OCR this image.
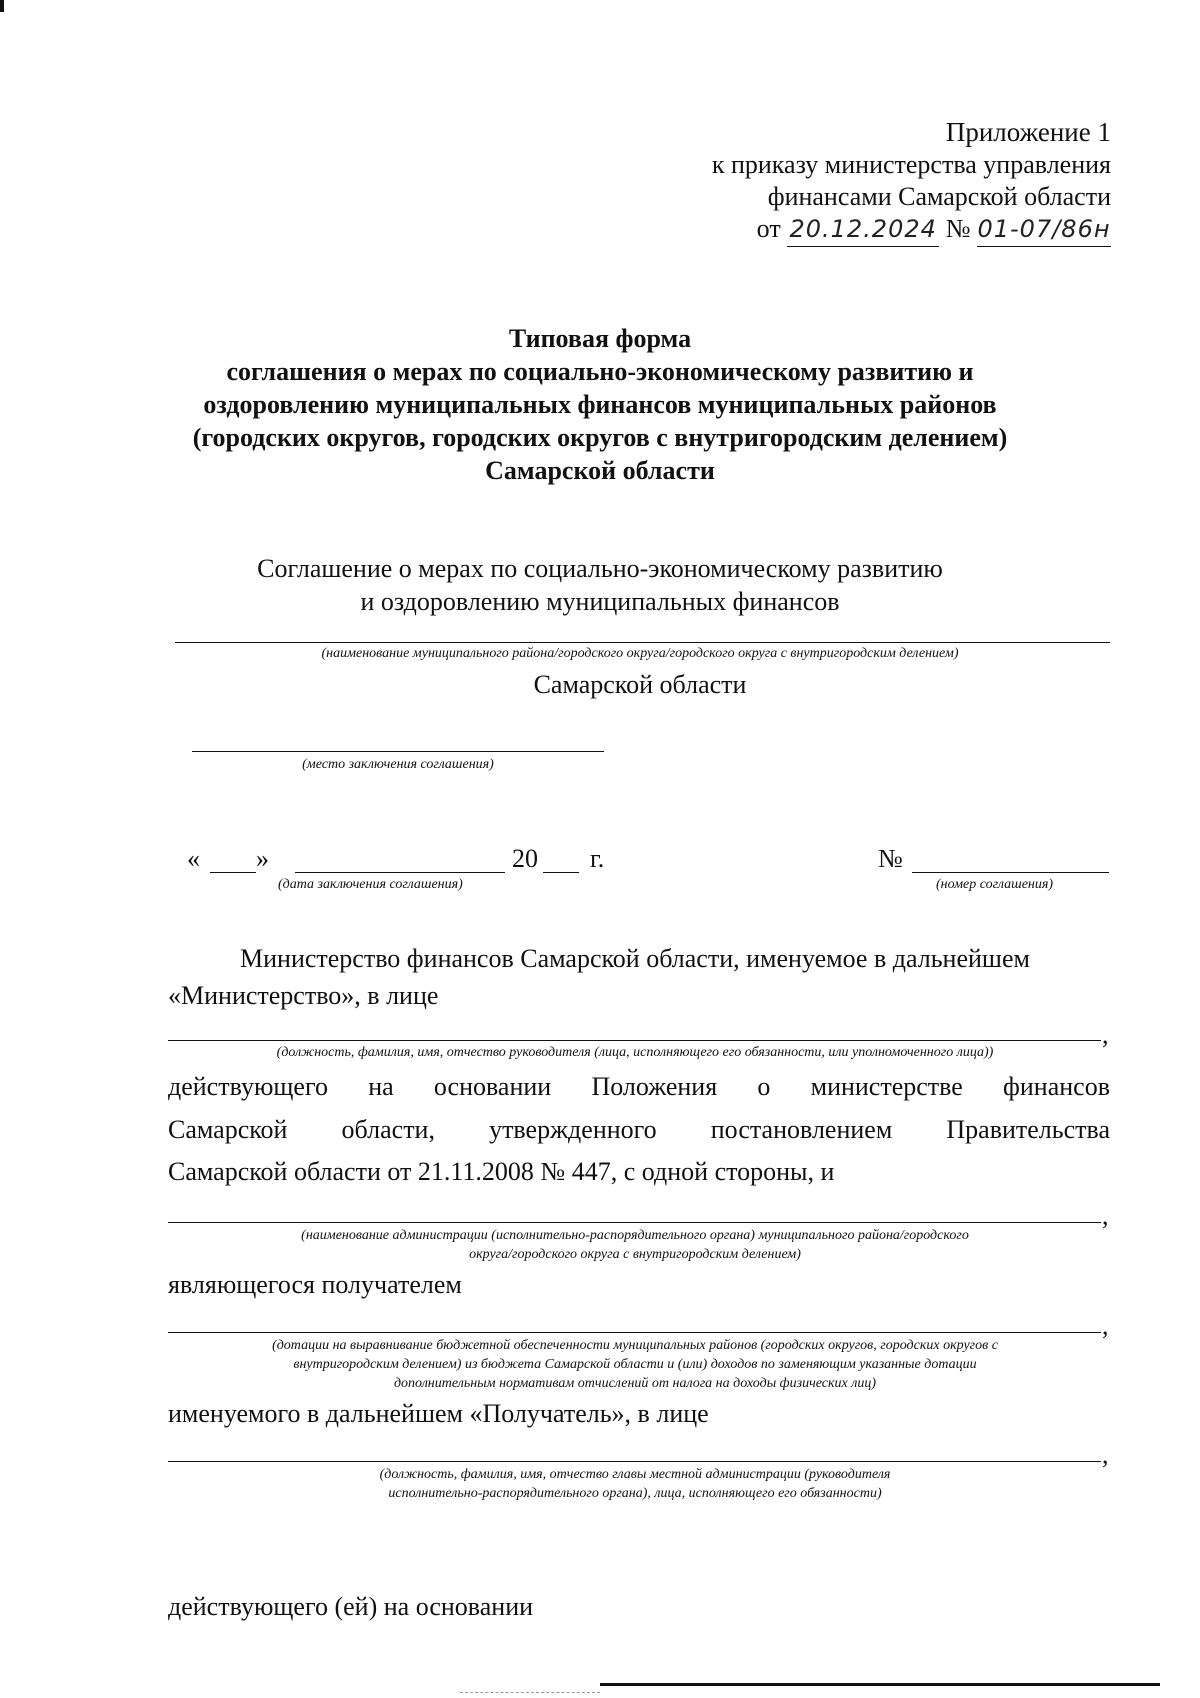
Приложение 1
к приказу министерства управления
финансами Самарской области
от 20.12.2024 № 01-07/86н
Типовая форма
соглашения о мерах по социально-экономическому развитию и
оздоровлению муниципальных финансов муниципальных районов
(городских округов, городских округов с внутригородским делением)
Самарской области
Соглашение о мерах по социально-экономическому развитию
и оздоровлению муниципальных финансов
(наименование муниципального района/городского округа/городского округа с внутригородским делением)
Самарской области
(место заключения соглашения)
« »	20 г.	№
(дата заключения соглашения)	(номер соглашения)
Министерство финансов Самарской области, именуемое в дальнейшем
«Министерство», в лице
,
(должность, фамилия, имя, отчество руководителя (лица, исполняющего его обязанности, или уполномоченного лица))
действующего на основании Положения о министерстве финансов
Самарской области, утвержденного постановлением Правительства
Самарской области от 21.11.2008 № 447, с одной стороны, и
,
(наименование администрации (исполнительно-распорядительного органа) муниципального района/городского
округа/городского округа с внутригородским делением)
являющегося получателем
,
(дотации на выравнивание бюджетной обеспеченности муниципальных районов (городских округов, городских округов с
внутригородским делением) из бюджета Самарской области и (или) доходов по заменяющим указанные дотации
дополнительным нормативам отчислений от налога на доходы физических лиц)
именуемого в дальнейшем «Получатель», в лице
,
(должность, фамилия, имя, отчество главы местной администрации (руководителя
исполнительно-распорядительного органа), лица, исполняющего его обязанности)
действующего (ей) на основании
